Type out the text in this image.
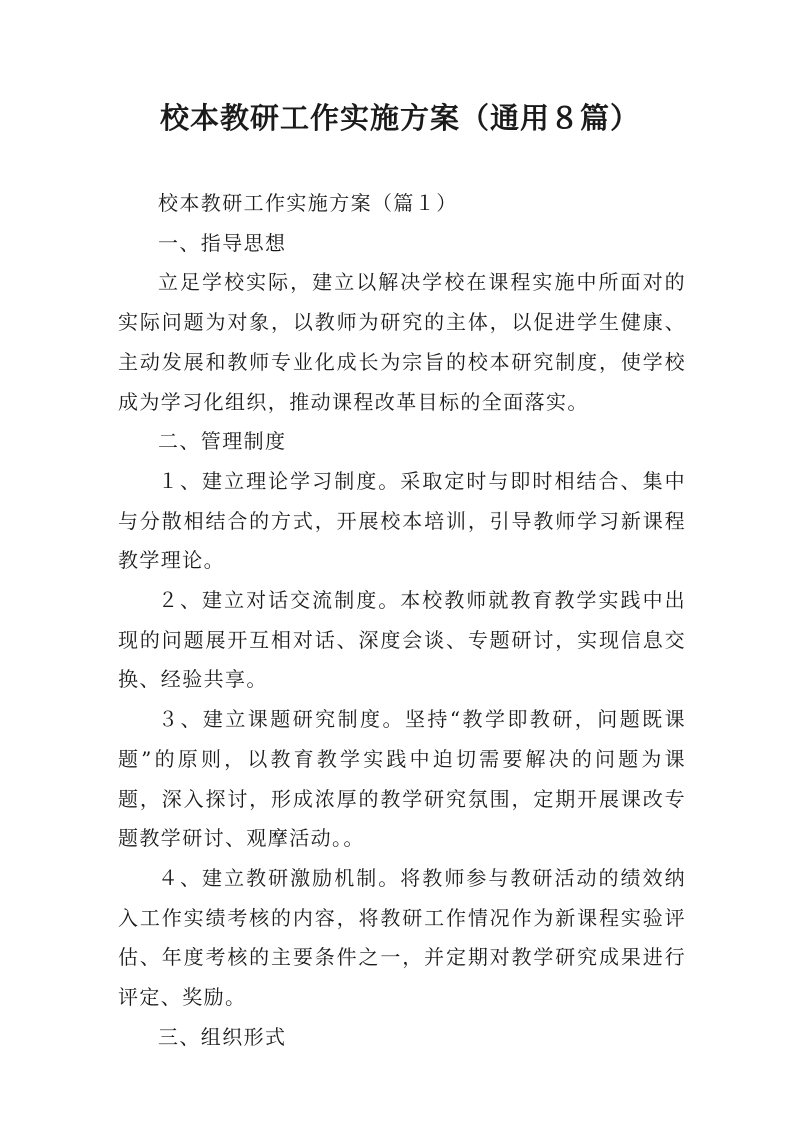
校本教研工作实施方案（通用８篇）

校本教研工作实施方案（篇１）

一、指导思想

立足学校实际，建立以解决学校在课程实施中所面对的实际问题为对象，以教师为研究的主体，以促进学生健康、主动发展和教师专业化成长为宗旨的校本研究制度，使学校成为学习化组织，推动课程改革目标的全面落实。

二、管理制度

１、建立理论学习制度。采取定时与即时相结合、集中与分散相结合的方式，开展校本培训，引导教师学习新课程教学理论。

２、建立对话交流制度。本校教师就教育教学实践中出现的问题展开互相对话、深度会谈、专题研讨，实现信息交换、经验共享。

３、建立课题研究制度。坚持“教学即教研，问题既课题”的原则，以教育教学实践中迫切需要解决的问题为课题，深入探讨，形成浓厚的教学研究氛围，定期开展课改专题教学研讨、观摩活动。。

４、建立教研激励机制。将教师参与教研活动的绩效纳入工作实绩考核的内容，将教研工作情况作为新课程实验评估、年度考核的主要条件之一，并定期对教学研究成果进行评定、奖励。

三、组织形式
